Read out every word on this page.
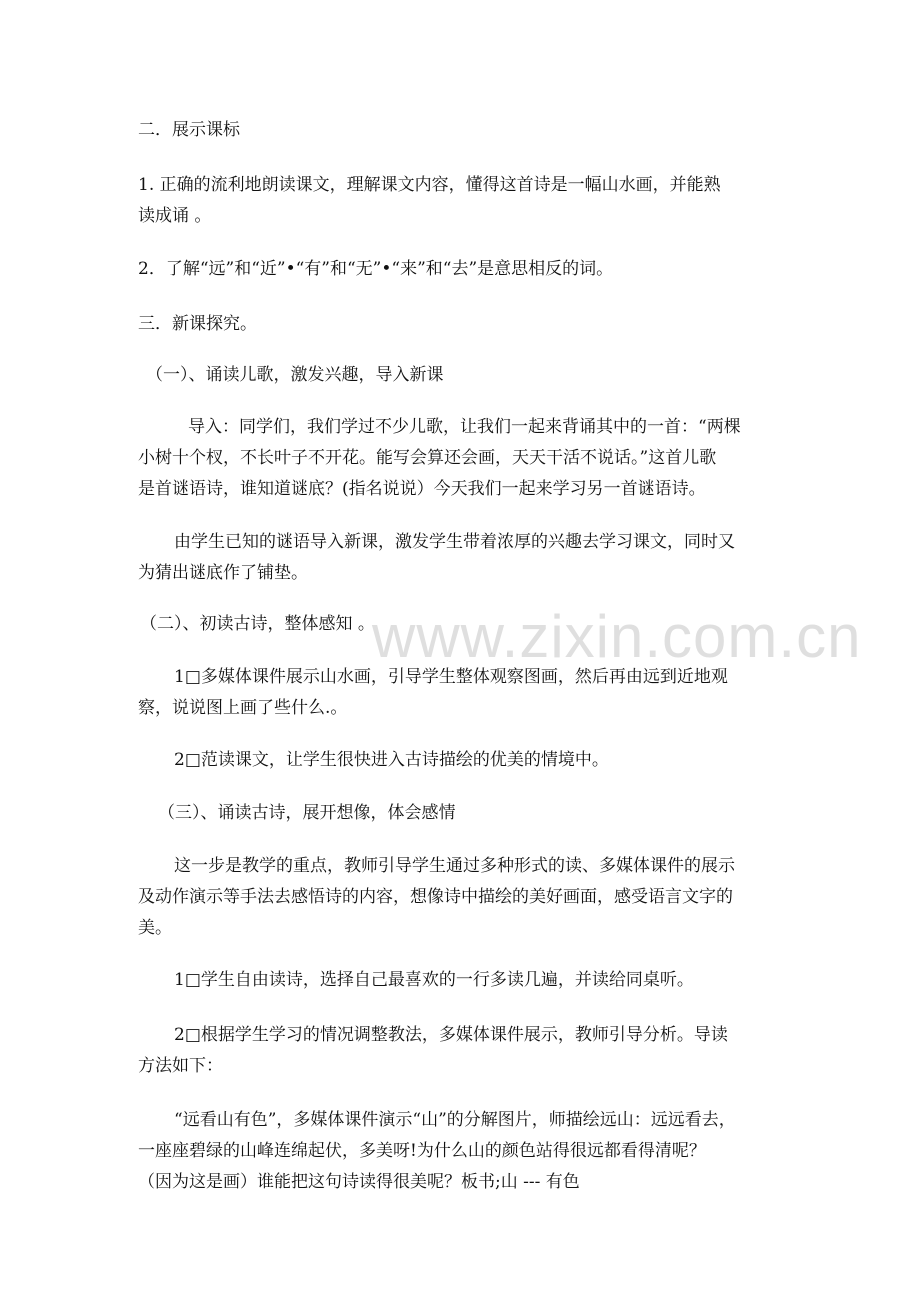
二．展示课标
1. 正确的流利地朗读课文，理解课文内容，懂得这首诗是一幅山水画，并能熟
读成诵 。
2．了解“远”和“近”•“有”和“无”•“来”和“去”是意思相反的词。
三．新课探究。
（一）、诵读儿歌，激发兴趣，导入新课
导入：同学们，我们学过不少儿歌，让我们一起来背诵其中的一首：“两棵
小树十个杈，不长叶子不开花。能写会算还会画，天天干活不说话。”这首儿歌
是首谜语诗，谁知道谜底？(指名说说）今天我们一起来学习另一首谜语诗。
由学生已知的谜语导入新课，激发学生带着浓厚的兴趣去学习课文，同时又
为猜出谜底作了铺垫。
（二）、初读古诗，整体感知 。
1□多媒体课件展示山水画，引导学生整体观察图画，然后再由远到近地观
察，说说图上画了些什么.。
2□范读课文，让学生很快进入古诗描绘的优美的情境中。
（三）、诵读古诗，展开想像，体会感情
这一步是教学的重点，教师引导学生通过多种形式的读、多媒体课件的展示
及动作演示等手法去感悟诗的内容，想像诗中描绘的美好画面，感受语言文字的
美。
1□学生自由读诗，选择自己最喜欢的一行多读几遍，并读给同桌听。
2□根据学生学习的情况调整教法，多媒体课件展示，教师引导分析。导读
方法如下：
“远看山有色”，多媒体课件演示“山”的分解图片，师描绘远山：远远看去，
一座座碧绿的山峰连绵起伏，多美呀!为什么山的颜色站得很远都看得清呢？
（因为这是画）谁能把这句诗读得很美呢？板书;山 --- 有色
www.zixin.com.cn
